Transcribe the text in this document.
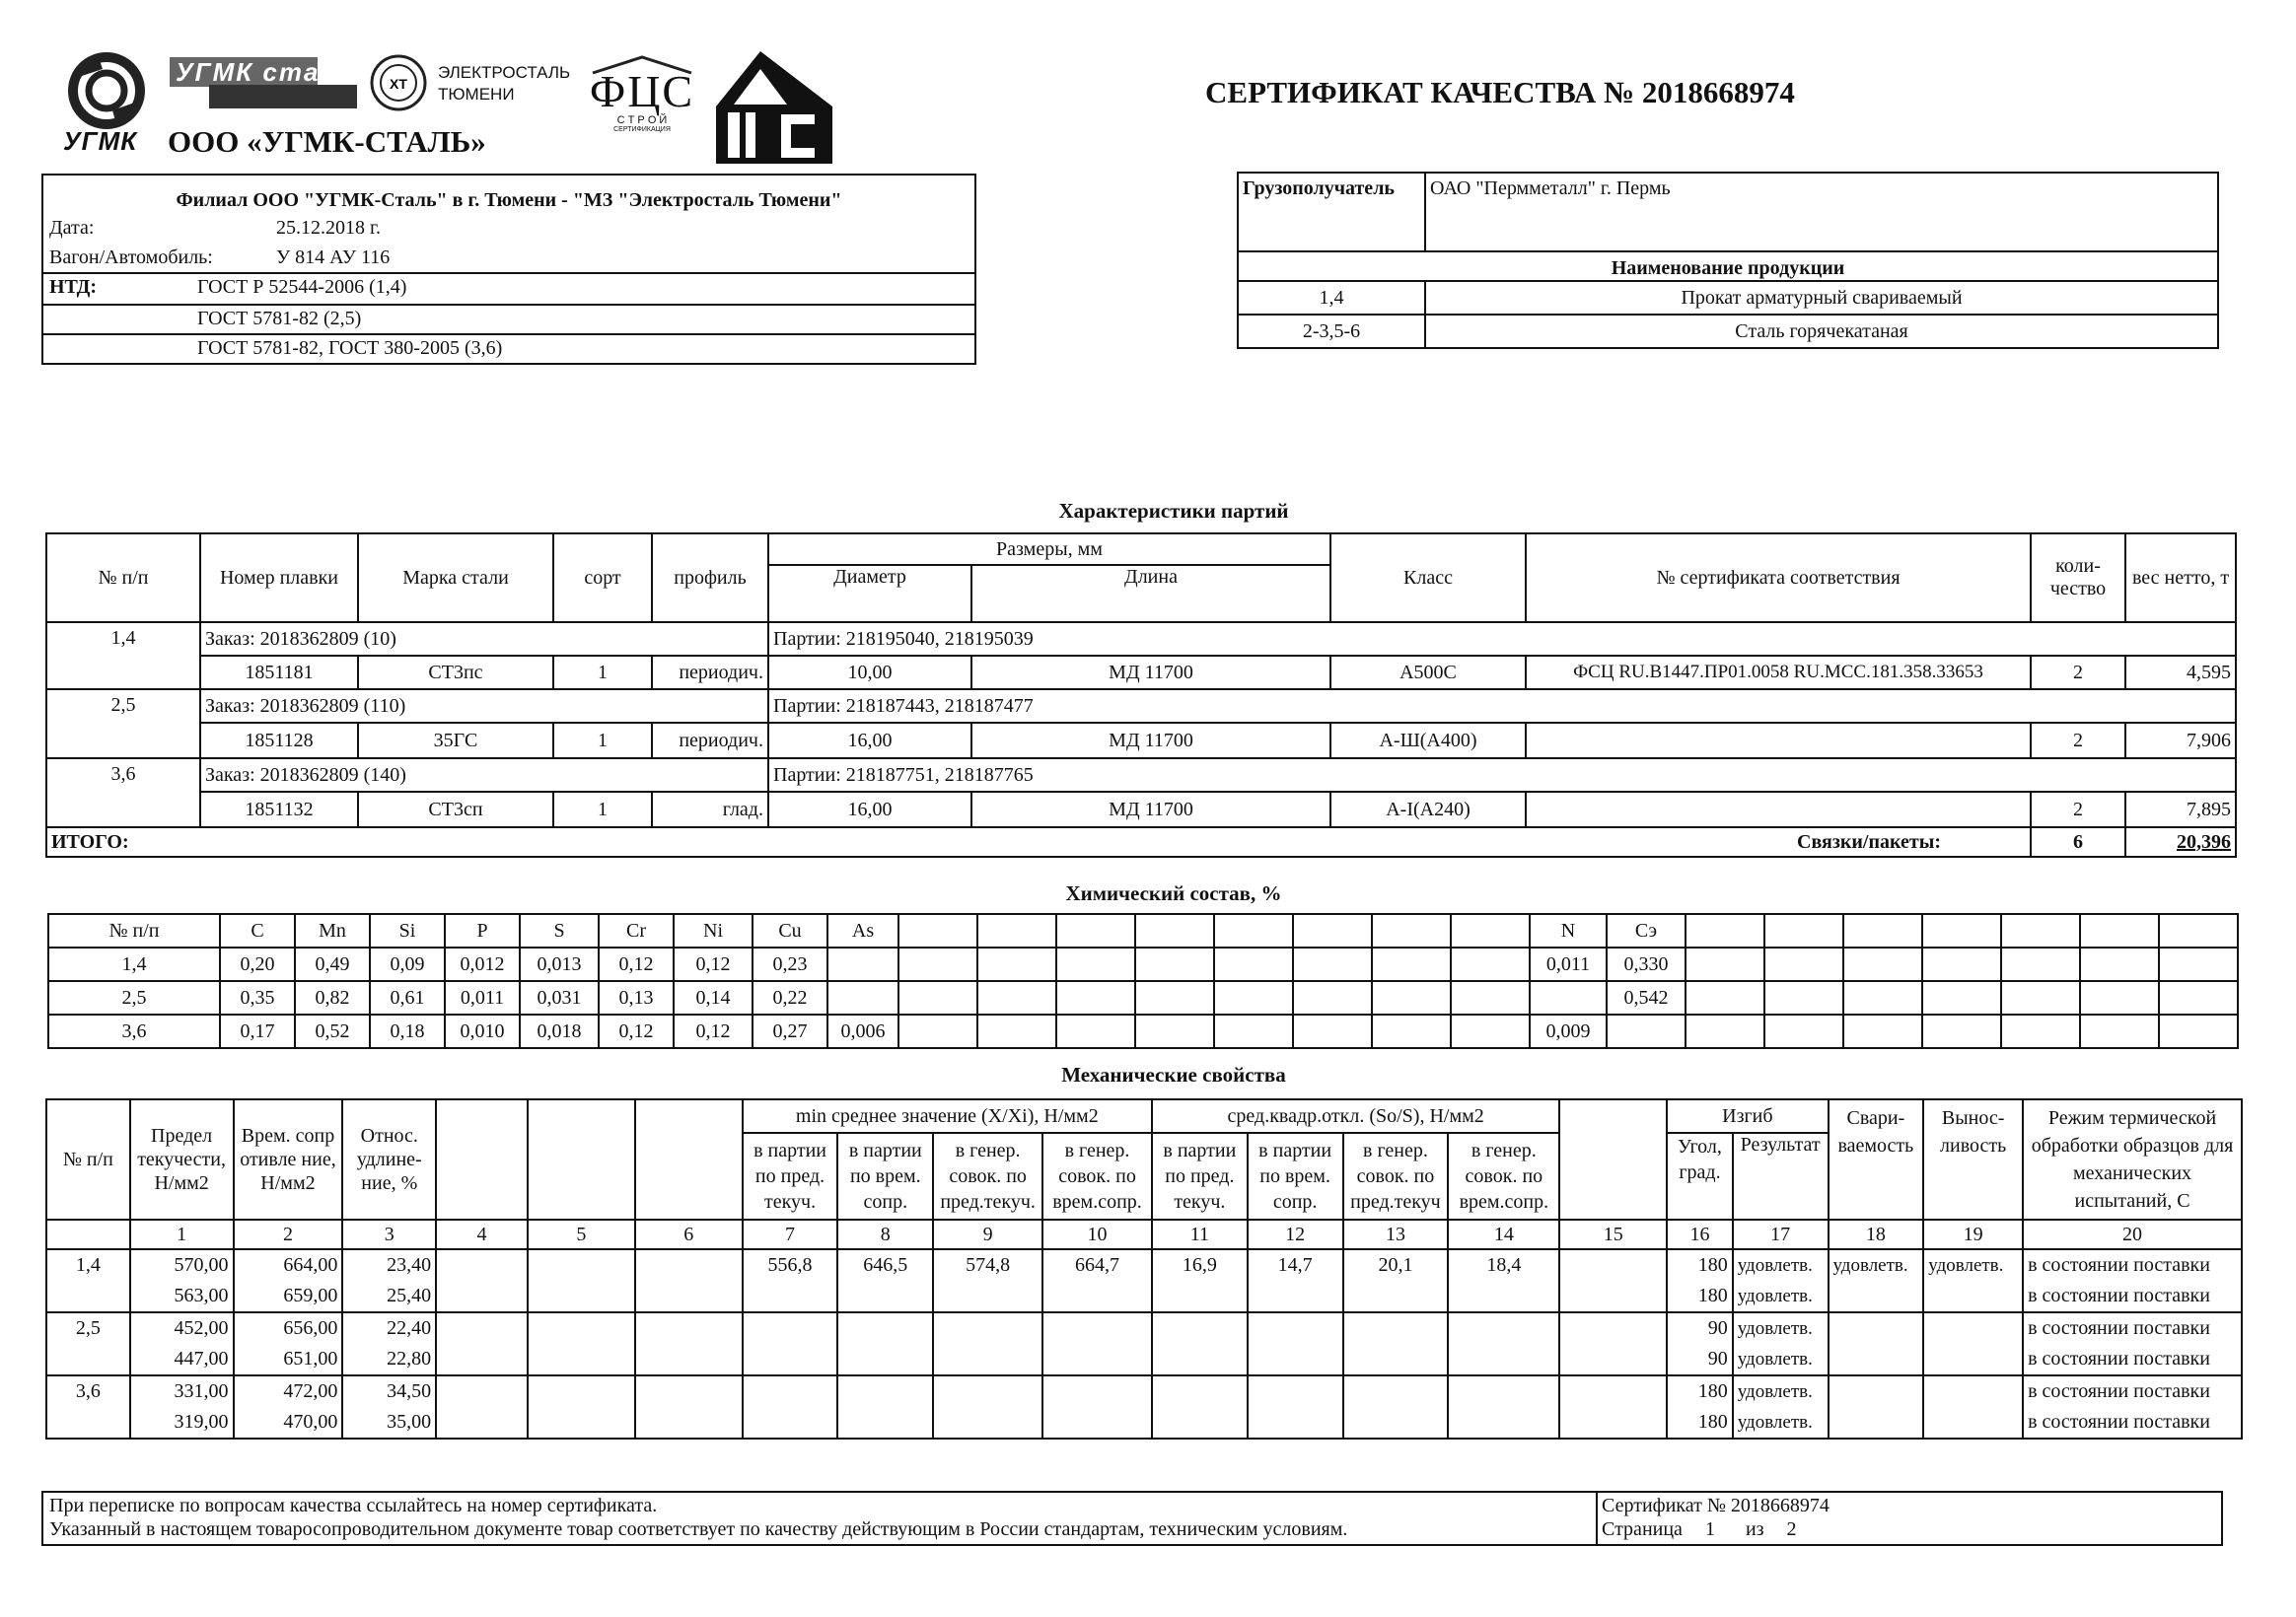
УГМК
УГМК сталь XT
ЭЛЕКТРОСТАЛЬ
ТЮМЕНИ ФЦС
С Т Р О Й
СЕРТИФИКАЦИЯ
ООО «УГМК-СТАЛЬ»
СЕРТИФИКАТ КАЧЕСТВА № 2018668974
Филиал ООО "УГМК-Сталь" в г. Тюмени - "МЗ "Электросталь Тюмени"
Дата:	25.12.2018 г.
Вагон/Автомобиль:	У 814 АУ 116
НТД:	ГОСТ Р 52544-2006 (1,4)
ГОСТ 5781-82 (2,5)
ГОСТ 5781-82, ГОСТ 380-2005 (3,6)
Грузополучатель	ОАО "Пермметалл" г. Пермь
Наименование продукции	
1,4	Прокат арматурный свариваемый
2-3,5-6	Сталь горячекатаная
Характеристики партий
№ п/п	Номер плавки	Марка стали	сорт	профиль	Размеры, мм		Класс	№ сертификата соответствия	коли-чество	вес нетто, т
					Диаметр	Длина				
1,4	Заказ: 2018362809 (10)				Партии: 218195040, 218195039					
	1851181	СТ3пс	1	периодич.	10,00	МД 11700	А500С	ФСЦ RU.B1447.ПР01.0058 RU.МСС.181.358.33653	2	4,595
2,5	Заказ: 2018362809 (110)				Партии: 218187443, 218187477					
	1851128	35ГС	1	периодич.	16,00	МД 11700	А-Ш(А400)		2	7,906
3,6	Заказ: 2018362809 (140)				Партии: 218187751, 218187765					
	1851132	СТ3сп	1	глад.	16,00	МД 11700	А-I(А240)		2	7,895
ИТОГО:				Связки/пакеты:					6	20,396
Химический состав, %
№ п/п	C	Mn	Si	P	S	Cr	Ni	Cu	As									N	Сэ							
1,4	0,20	0,49	0,09	0,012	0,013	0,12	0,12	0,23										0,011	0,330							
2,5	0,35	0,82	0,61	0,011	0,031	0,13	0,14	0,22											0,542							
3,6	0,17	0,52	0,18	0,010	0,018	0,12	0,12	0,27	0,006									0,009								
Механические свойства
№ п/п	Предел текучести, Н/мм2	Врем. сопротивле ние, Н/мм2	Относ. удлине-ние, %				min среднее значение (X/Xi), Н/мм2				сред.квадр.откл. (So/S), Н/мм2					Изгиб		Свари-ваемость	Вынос-ливость	Режим термической обработки образцов для механических испытаний, С
							в партии по пред. текуч.	в партии по врем. сопр.	в генер. совок. по пред.текуч.	в генер. совок. по врем.сопр.	в партии по пред. текуч.	в партии по врем. сопр.	в генер. совок. по пред.текуч	в генер. совок. по врем.сопр.		Угол, град.	Результат			
	1	2	3	4	5	6	7	8	9	10	11	12	13	14	15	16	17	18	19	20
1,4	570,00	664,00	23,40				556,8	646,5	574,8	664,7	16,9	14,7	20,1	18,4		180	удовлетв.	удовлетв.	удовлетв.	в состоянии поставки
	563,00	659,00	25,40													180	удовлетв.			в состоянии поставки
2,5	452,00	656,00	22,40													90	удовлетв.			в состоянии поставки
	447,00	651,00	22,80													90	удовлетв.			в состоянии поставки
3,6	331,00	472,00	34,50													180	удовлетв.			в состоянии поставки
	319,00	470,00	35,00													180	удовлетв.			в состоянии поставки
При переписке по вопросам качества ссылайтесь на номер сертификата.
Указанный в настоящем товаросопроводительном документе товар соответствует по качеству действующим в России стандартам, техническим условиям.
Сертификат № 2018668974
Страница 1 из 2
